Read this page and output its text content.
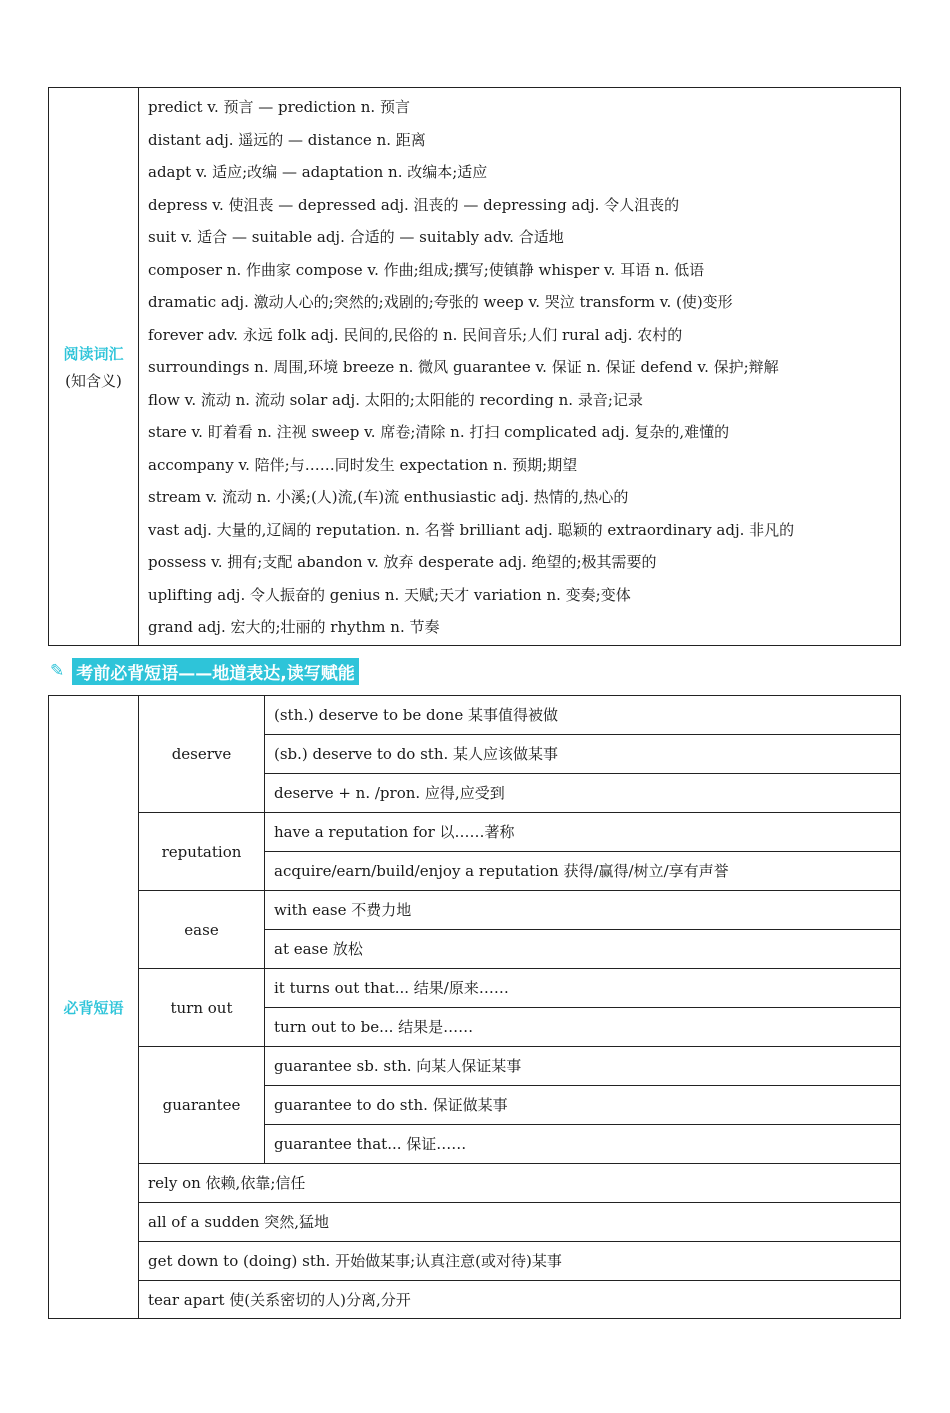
阅读词汇
(知含义)
predict v. 预言 — prediction n. 预言
distant adj. 遥远的 — distance n. 距离
adapt v. 适应;改编 — adaptation n. 改编本;适应
depress v. 使沮丧 — depressed adj. 沮丧的 — depressing adj. 令人沮丧的
suit v. 适合 — suitable adj. 合适的 — suitably adv. 合适地
composer n. 作曲家 compose v. 作曲;组成;撰写;使镇静 whisper v. 耳语 n. 低语
dramatic adj. 激动人心的;突然的;戏剧的;夸张的 weep v. 哭泣 transform v. (使)变形
forever adv. 永远 folk adj. 民间的,民俗的 n. 民间音乐;人们 rural adj. 农村的
surroundings n. 周围,环境 breeze n. 微风 guarantee v. 保证 n. 保证 defend v. 保护;辩解
flow v. 流动 n. 流动 solar adj. 太阳的;太阳能的 recording n. 录音;记录
stare v. 盯着看 n. 注视 sweep v. 席卷;清除 n. 打扫 complicated adj. 复杂的,难懂的
accompany v. 陪伴;与……同时发生 expectation n. 预期;期望
stream v. 流动 n. 小溪;(人)流,(车)流 enthusiastic adj. 热情的,热心的
vast adj. 大量的,辽阔的 reputation. n. 名誉 brilliant adj. 聪颖的 extraordinary adj. 非凡的
possess v. 拥有;支配 abandon v. 放弃 desperate adj. 绝望的;极其需要的
uplifting adj. 令人振奋的 genius n. 天赋;天才 variation n. 变奏;变体
grand adj. 宏大的;壮丽的 rhythm n. 节奏
✎ 考前必背短语——地道表达,读写赋能
必背短语
deserve
(sth.) deserve to be done 某事值得被做
(sb.) deserve to do sth. 某人应该做某事
deserve + n. /pron. 应得,应受到
reputation
have a reputation for 以……著称
acquire/earn/build/enjoy a reputation 获得/赢得/树立/享有声誉
ease
with ease 不费力地
at ease 放松
turn out
it turns out that... 结果/原来……
turn out to be... 结果是……
guarantee
guarantee sb. sth. 向某人保证某事
guarantee to do sth. 保证做某事
guarantee that... 保证……
rely on 依赖,依靠;信任
all of a sudden 突然,猛地
get down to (doing) sth. 开始做某事;认真注意(或对待)某事
tear apart 使(关系密切的人)分离,分开
